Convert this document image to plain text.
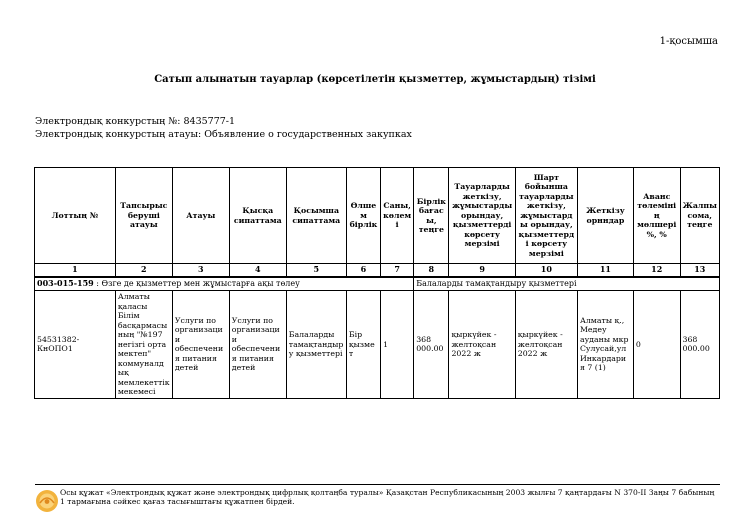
1-қосымша
Сатып алынатын тауарлар (көрсетілетін қызметтер, жұмыстардың) тізімі
Электрондық конкурстың №: 8435777-1
Электрондық конкурстың атауы: Объявление о государственных закупках
Лоттың №	Тапсырыс беруші атауы	Атауы	Қысқа сипаттама	Қосымша сипаттама	Өлшем бірлік	Саны, көлемі	Бірлік бағасы, теңге	Тауарларды жеткізу, жұмыстарды орындау, қызметтерді көрсету мерзімі	Шарт бойынша тауарларды жеткізу, жұмыстарды орындау, қызметтерді көрсету мерзімі	Жеткізу орнндар	Аванс төлемінің мөлшері %, %	Жалпы сома, теңге
1	2	3	4	5	6	7	8	9	10	11	12	13
003-015-159 : Өзге де қызметтер мен жұмыстарға ақы төлеу							Балаларды тамақтандыру қызметтері					
54531382-КнОПО1	Алматы қаласы Білім басқармасының "№197 негізгі орта мектеп" коммуналдық мемлекеттік мекемесі	Услуги по организации обеспечения питания детей	Услуги по организации обеспечения питания детей	Балаларды тамақтандыру қызметтері	Бір қызмет	1	368 000.00	қыркүйек - желтоқсан 2022 ж	қыркүйек - желтоқсан 2022 ж	Алматы қ., Медеу ауданы мкр Сулусай,ул Инкардария 7 (1)	0	368 000.00
Осы құжат «Электрондық құжат және электрондық цифрлық қолтаңба туралы» Қазақстан Республикасының 2003 жылғы 7 қаңтардағы N 370-II Заңы 7 бабының 1 тармағына сәйкес қағаз тасығыштағы құжатпен бірдей.
